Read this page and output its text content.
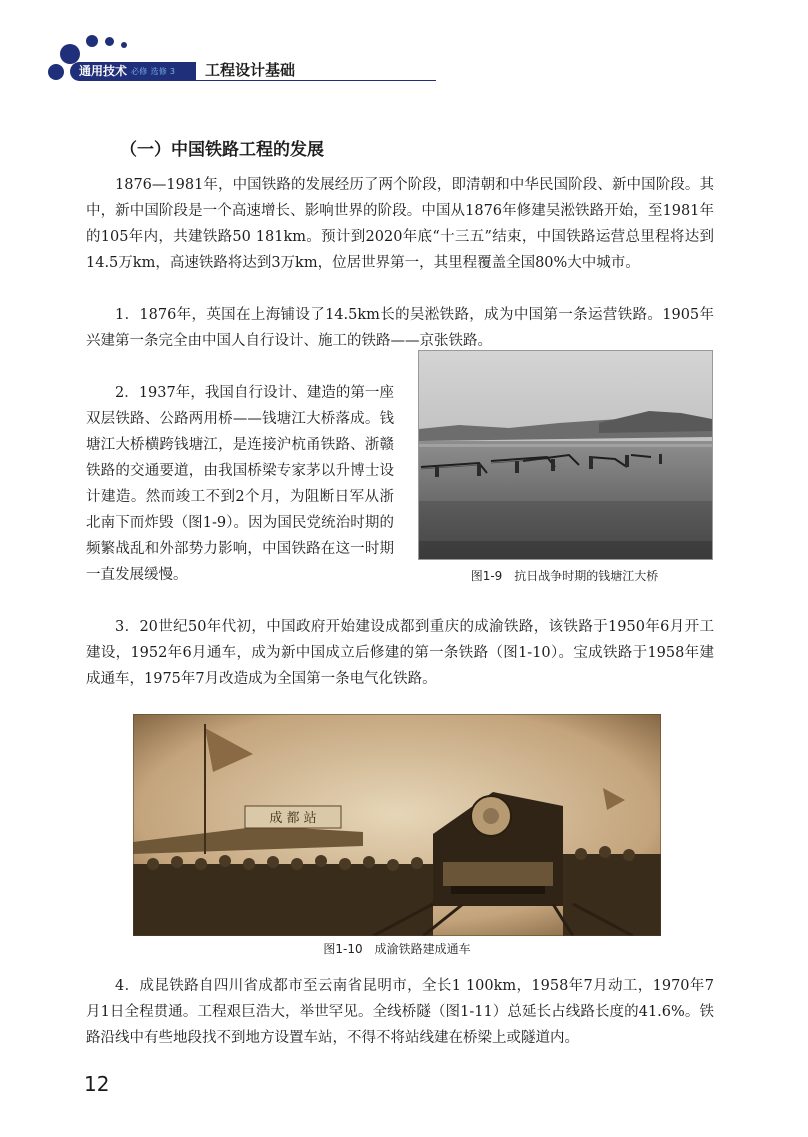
通用技术 必修 选修 3 工程设计基础
（一）中国铁路工程的发展

1876—1981年，中国铁路的发展经历了两个阶段，即清朝和中华民国阶段、新中国阶段。其中，新中国阶段是一个高速增长、影响世界的阶段。中国从1876年修建吴淞铁路开始，至1981年的105年内，共建铁路50 181km。预计到2020年底“十三五”结束，中国铁路运营总里程将达到14.5万km，高速铁路将达到3万km，位居世界第一，其里程覆盖全国80%大中城市。

1．1876年，英国在上海铺设了14.5km长的吴淞铁路，成为中国第一条运营铁路。1905年兴建第一条完全由中国人自行设计、施工的铁路——京张铁路。

2．1937年，我国自行设计、建造的第一座双层铁路、公路两用桥——钱塘江大桥落成。钱塘江大桥横跨钱塘江，是连接沪杭甬铁路、浙赣铁路的交通要道，由我国桥梁专家茅以升博士设计建造。然而竣工不到2个月，为阻断日军从浙北南下而炸毁（图1-9）。因为国民党统治时期的频繁战乱和外部势力影响，中国铁路在这一时期一直发展缓慢。	图1-9　抗日战争时期的钱塘江大桥

3．20世纪50年代初，中国政府开始建设成都到重庆的成渝铁路，该铁路于1950年6月开工建设，1952年6月通车，成为新中国成立后修建的第一条铁路（图1-10）。宝成铁路于1958年建成通车，1975年7月改造成为全国第一条电气化铁路。

成 都 站
图1-10　成渝铁路建成通车

4．成昆铁路自四川省成都市至云南省昆明市，全长1 100km，1958年7月动工，1970年7月1日全程贯通。工程艰巨浩大，举世罕见。全线桥隧（图1-11）总延长占线路长度的41.6%。铁路沿线中有些地段找不到地方设置车站，不得不将站线建在桥梁上或隧道内。

12
